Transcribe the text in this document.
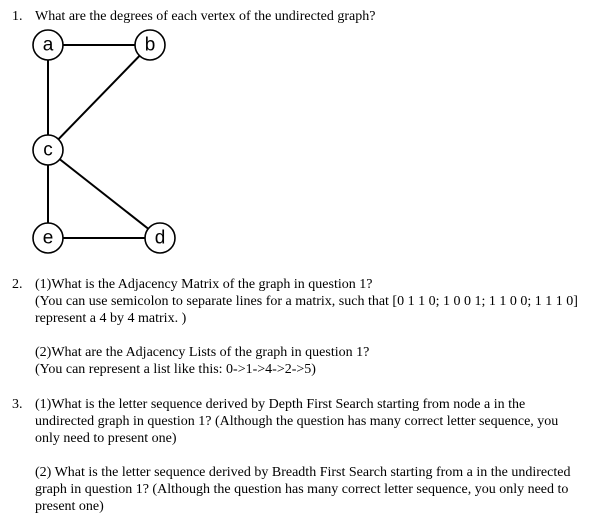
1. What are the degrees of each vertex of the undirected graph?
a	b
c
d
e
2. (1)What is the Adjacency Matrix of the graph in question 1?
(You can use semicolon to separate lines for a matrix, such that [0 1 1 0; 1 0 0 1; 1 1 0 0; 1 1 1 0]
represent a 4 by 4 matrix. )
(2)What are the Adjacency Lists of the graph in question 1?
(You can represent a list like this: 0->1->4->2->5)
3. (1)What is the letter sequence derived by Depth First Search starting from node a in the
undirected graph in question 1? (Although the question has many correct letter sequence, you
only need to present one)
(2) What is the letter sequence derived by Breadth First Search starting from a in the undirected
graph in question 1? (Although the question has many correct letter sequence, you only need to
present one)
